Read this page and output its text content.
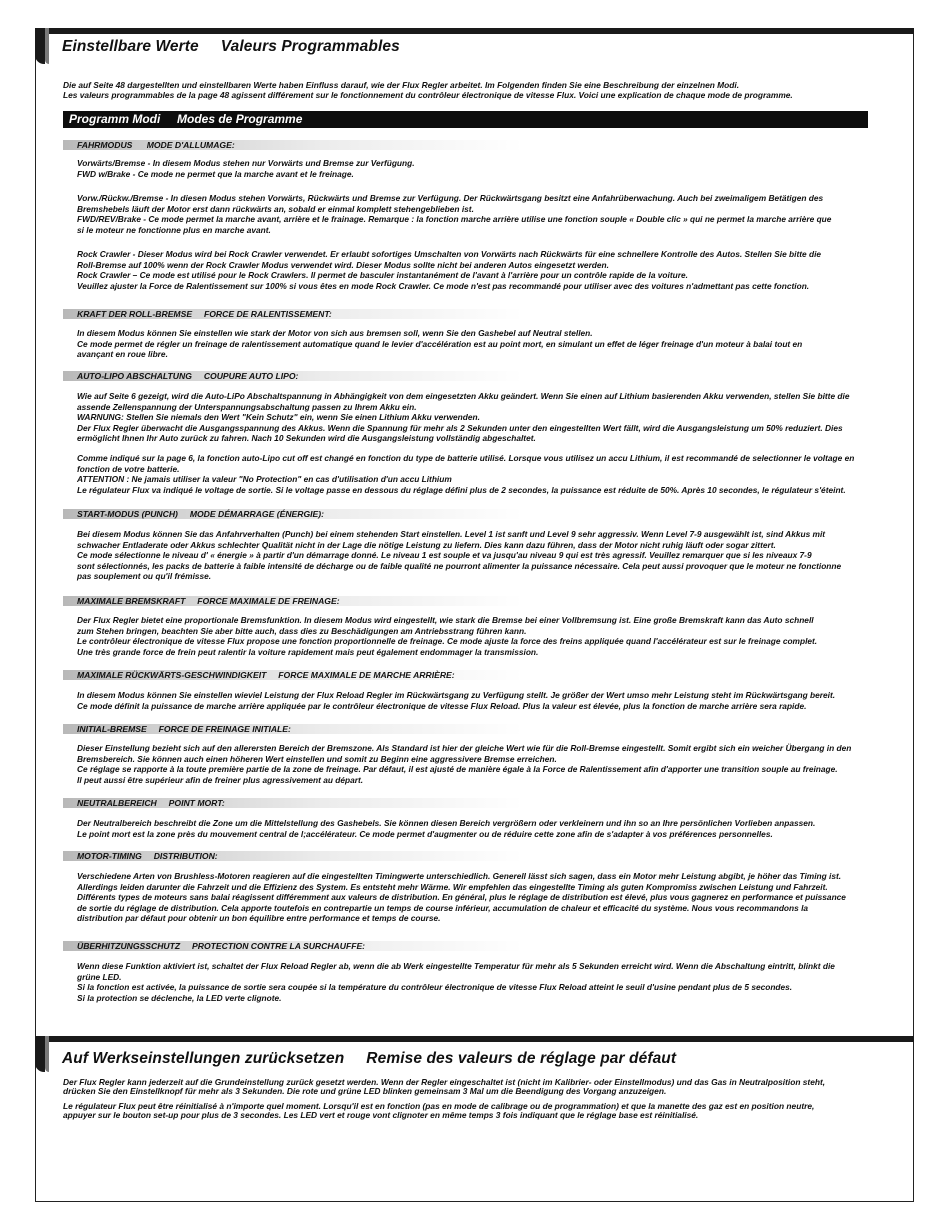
Einstellbare Werte     Valeurs Programmables
Die auf Seite 48 dargestellten und einstellbaren Werte haben Einfluss darauf, wie der Flux Regler arbeitet. Im Folgenden finden Sie eine Beschreibung der einzelnen Modi.
Les valeurs programmables de la page 48 agissent différement sur le fonctionnement du contrôleur électronique de vitesse Flux. Voici une explication de chaque mode de programme.
Programm Modi     Modes de Programme
FAHRMODUS      MODE D'ALLUMAGE:
Vorwärts/Bremse - In diesem Modus stehen nur Vorwärts und Bremse zur Verfügung.
FWD w/Brake - Ce mode ne permet que la marche avant et le freinage.
Vorw./Rückw./Bremse - In diesen Modus stehen Vorwärts, Rückwärts und Bremse zur Verfügung. Der Rückwärtsgang besitzt eine Anfahrüberwachung. Auch bei zweimaligem Betätigen des
Bremshebels läuft der Motor erst dann rückwärts an, sobald er einmal komplett stehengeblieben ist.
FWD/REV/Brake - Ce mode permet la marche avant, arrière et le frainage. Remarque : la fonction marche arrière utilise une fonction souple « Double clic » qui ne permet la marche arrière que
si le moteur ne fonctionne plus en marche avant.
Rock Crawler - Dieser Modus wird bei Rock Crawler verwendet. Er erlaubt sofortiges Umschalten von Vorwärts nach Rückwärts für eine schnellere Kontrolle des Autos. Stellen Sie bitte die
Roll-Bremse auf 100% wenn der Rock Crawler Modus verwendet wird. Dieser Modus sollte nicht bei anderen Autos eingesetzt werden.
Rock Crawler – Ce mode est utilisé pour le Rock Crawlers. Il permet de basculer instantanément de l'avant à l'arrière pour un contrôle rapide de la voiture.
Veuillez ajuster la Force de Ralentissement sur 100% si vous êtes en mode Rock Crawler. Ce mode n'est pas recommandé pour utiliser avec des voitures n'admettant pas cette fonction.
KRAFT DER ROLL-BREMSE     FORCE DE RALENTISSEMENT:
In diesem Modus können Sie einstellen wie stark der Motor von sich aus bremsen soll, wenn Sie den Gashebel auf Neutral stellen.
Ce mode permet de régler un freinage de ralentissement automatique quand le levier d'accélération est au point mort, en simulant un effet de léger freinage d'un moteur à balai tout en
avançant en roue libre.
AUTO-LIPO ABSCHALTUNG     COUPURE AUTO LIPO:
Wie auf Seite 6 gezeigt, wird die Auto-LiPo Abschaltspannung in Abhängigkeit von dem eingesetzten Akku geändert. Wenn Sie einen auf Lithium basierenden Akku verwenden, stellen Sie bitte die
assende Zellenspannung der Unterspannungsabschaltung passen zu Ihrem Akku ein.
WARNUNG: Stellen Sie niemals den Wert "Kein Schutz" ein, wenn Sie einen Lithium Akku verwenden.
Der Flux Regler überwacht die Ausgangsspannung des Akkus. Wenn die Spannung für mehr als 2 Sekunden unter den eingestellten Wert fällt, wird die Ausgangsleistung um 50% reduziert. Dies
ermöglicht Ihnen Ihr Auto zurück zu fahren. Nach 10 Sekunden wird die Ausgangsleistung vollständig abgeschaltet.
Comme indiqué sur la page 6, la fonction auto-Lipo cut off est changé en fonction du type de batterie utilisé. Lorsque vous utilisez un accu Lithium, il est recommandé de selectionner le voltage en
fonction de votre batterie.
ATTENTION : Ne jamais utiliser la valeur "No Protection" en cas d'utilisation d'un accu Lithium
Le régulateur Flux va indiqué le voltage de sortie. Si le voltage passe en dessous du réglage défini plus de 2 secondes, la puissance est réduite de 50%. Après 10 secondes, le régulateur s'éteint.
START-MODUS (PUNCH)     MODE DÉMARRAGE (ÉNERGIE):
Bei diesem Modus können Sie das Anfahrverhalten (Punch) bei einem stehenden Start einstellen. Level 1 ist sanft und Level 9 sehr aggressiv. Wenn Level 7-9 ausgewählt ist, sind Akkus mit
schwacher Entladerate oder Akkus schlechter Qualität nicht in der Lage die nötige Leistung zu liefern. Dies kann dazu führen, dass der Motor nicht ruhig läuft oder sogar zittert.
Ce mode sélectionne le niveau d' « énergie » à partir d'un démarrage donné. Le niveau 1 est souple et va jusqu'au niveau 9 qui est très agressif. Veuillez remarquer que si les niveaux 7-9
sont sélectionnés, les packs de batterie à faible intensité de décharge ou de faible qualité ne pourront alimenter la puissance nécessaire. Cela peut aussi provoquer que le moteur ne fonctionne
pas souplement ou qu'il frémisse.
MAXIMALE BREMSKRAFT     FORCE MAXIMALE DE FREINAGE:
Der Flux Regler bietet eine proportionale Bremsfunktion. In diesem Modus wird eingestellt, wie stark die Bremse bei einer Vollbremsung ist. Eine große Bremskraft kann das Auto schnell
zum Stehen bringen, beachten Sie aber bitte auch, dass dies zu Beschädigungen am Antriebsstrang führen kann.
Le contrôleur électronique de vitesse Flux propose une fonction proportionnelle de freinage. Ce mode ajuste la force des freins appliquée quand l'accélérateur est sur le freinage complet.
Une très grande force de frein peut ralentir la voiture rapidement mais peut également endommager la transmission.
MAXIMALE RÜCKWÄRTS-GESCHWINDIGKEIT     FORCE MAXIMALE DE MARCHE ARRIÈRE:
In diesem Modus können Sie einstellen wieviel Leistung der Flux Reload Regler im Rückwärtsgang zu Verfügung stellt. Je größer der Wert umso mehr Leistung steht im Rückwärtsgang bereit.
Ce mode définit la puissance de marche arrière appliquée par le contrôleur électronique de vitesse Flux Reload. Plus la valeur est élevée, plus la fonction de marche arrière sera rapide.
INITIAL-BREMSE     FORCE DE FREINAGE INITIALE:
Dieser Einstellung bezieht sich auf den allerersten Bereich der Bremszone. Als Standard ist hier der gleiche Wert wie für die Roll-Bremse eingestellt. Somit ergibt sich ein weicher Übergang in den
Bremsbereich. Sie können auch einen höheren Wert einstellen und somit zu Beginn eine aggressivere Bremse erreichen.
Ce réglage se rapporte à la toute première partie de la zone de freinage. Par défaut, il est ajusté de manière égale à la Force de Ralentissement afin d'apporter une transition souple au freinage.
Il peut aussi être supérieur afin de freiner plus agressivement au départ.
NEUTRALBEREICH     POINT MORT:
Der Neutralbereich beschreibt die Zone um die Mittelstellung des Gashebels. Sie können diesen Bereich vergrößern oder verkleinern und ihn so an Ihre persönlichen Vorlieben anpassen.
Le point mort est la zone près du mouvement central de l;accélérateur. Ce mode permet d'augmenter ou de réduire cette zone afin de s'adapter à vos préférences personnelles.
MOTOR-TIMING     DISTRIBUTION:
Verschiedene Arten von Brushless-Motoren reagieren auf die eingestellten Timingwerte unterschiedlich. Generell lässt sich sagen, dass ein Motor mehr Leistung abgibt, je höher das Timing ist.
Allerdings leiden darunter die Fahrzeit und die Effizienz des System. Es entsteht mehr Wärme. Wir empfehlen das eingestellte Timing als guten Kompromiss zwischen Leistung und Fahrzeit.
Différents types de moteurs sans balai réagissent différemment aux valeurs de distribution. En général, plus le réglage de distribution est élevé, plus vous gagnerez en performance et puissance
de sortie du réglage de distribution. Cela apporte toutefois en contrepartie un temps de course inférieur, accumulation de chaleur et efficacité du système. Nous vous recommandons la
distribution par défaut pour obtenir un bon équilibre entre performance et temps de course.
ÜBERHITZUNGSSCHUTZ     PROTECTION CONTRE LA SURCHAUFFE:
Wenn diese Funktion aktiviert ist, schaltet der Flux Reload Regler ab, wenn die ab Werk eingestellte Temperatur für mehr als 5 Sekunden erreicht wird. Wenn die Abschaltung eintritt, blinkt die
grüne LED.
Si la fonction est activée, la puissance de sortie sera coupée si la température du contrôleur électronique de vitesse Flux Reload atteint le seuil d'usine pendant plus de 5 secondes.
Si la protection se déclenche, la LED verte clignote.
Auf Werkseinstellungen zurücksetzen     Remise des valeurs de réglage par défaut
Der Flux Regler kann jederzeit auf die Grundeinstellung zurück gesetzt werden. Wenn der Regler eingeschaltet ist (nicht im Kalibrier- oder Einstellmodus) und das Gas in Neutralposition steht,
drücken Sie den Einstellknopf für mehr als 3 Sekunden. Die rote und grüne LED blinken gemeinsam 3 Mal um die Beendigung des Vorgang anzuzeigen.
Le régulateur Flux peut être réinitialisé à n'importe quel moment. Lorsqu'il est en fonction (pas en mode de calibrage ou de programmation) et que la manette des gaz est en position neutre,
appuyer sur le bouton set-up pour plus de 3 secondes. Les LED vert et rouge vont clignoter en même temps 3 fois indiquant que le réglage base est réinitialisé.
